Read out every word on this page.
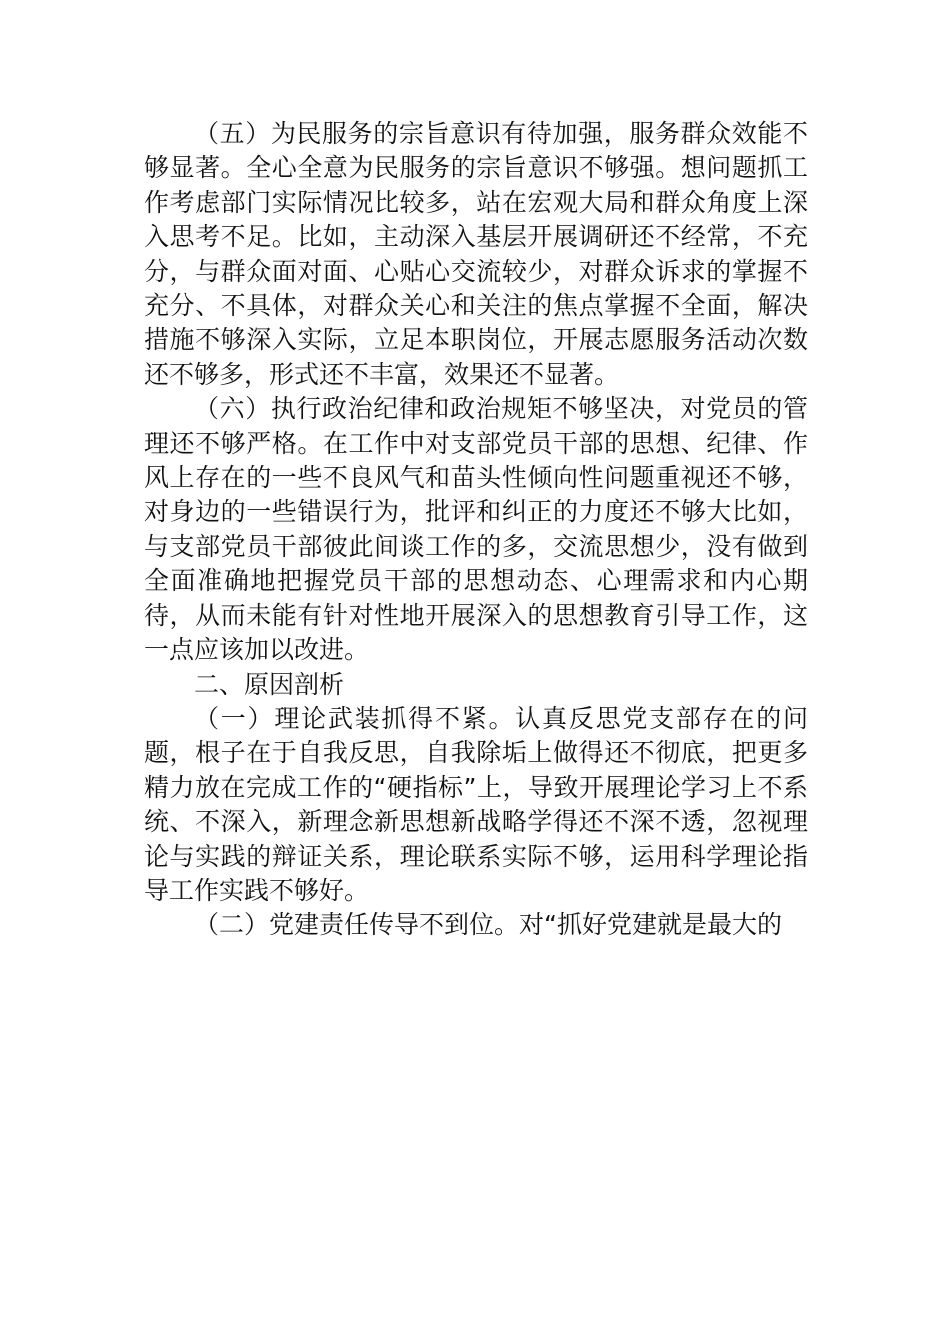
（五）为民服务的宗旨意识有待加强，服务群众效能不够显著。全心全意为民服务的宗旨意识不够强。想问题抓工作考虑部门实际情况比较多，站在宏观大局和群众角度上深入思考不足。比如，主动深入基层开展调研还不经常，不充分，与群众面对面、心贴心交流较少，对群众诉求的掌握不充分、不具体，对群众关心和关注的焦点掌握不全面，解决措施不够深入实际，立足本职岗位，开展志愿服务活动次数还不够多，形式还不丰富，效果还不显著。

（六）执行政治纪律和政治规矩不够坚决，对党员的管理还不够严格。在工作中对支部党员干部的思想、纪律、作风上存在的一些不良风气和苗头性倾向性问题重视还不够，对身边的一些错误行为，批评和纠正的力度还不够大比如，与支部党员干部彼此间谈工作的多，交流思想少，没有做到全面准确地把握党员干部的思想动态、心理需求和内心期待，从而未能有针对性地开展深入的思想教育引导工作，这一点应该加以改进。

二、原因剖析

（一）理论武装抓得不紧。认真反思党支部存在的问题，根子在于自我反思，自我除垢上做得还不彻底，把更多精力放在完成工作的“硬指标”上，导致开展理论学习上不系统、不深入，新理念新思想新战略学得还不深不透，忽视理论与实践的辩证关系，理论联系实际不够，运用科学理论指导工作实践不够好。

（二）党建责任传导不到位。对“抓好党建就是最大的
